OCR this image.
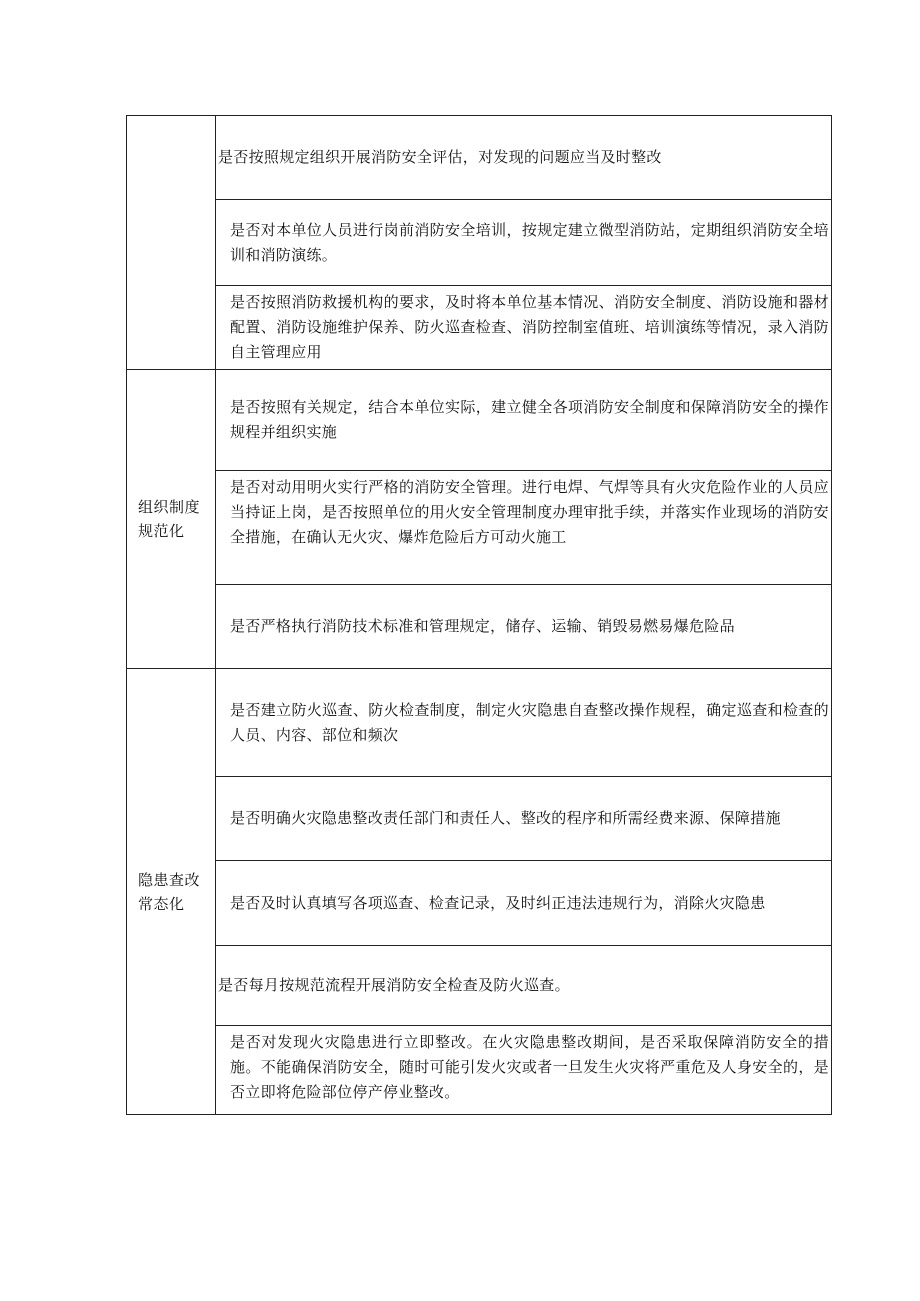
	是否按照规定组织开展消防安全评估，对发现的问题应当及时整改

	是否对本单位人员进行岗前消防安全培训，按规定建立微型消防站，定期组织消防安全培训和消防演练。

	是否按照消防救援机构的要求，及时将本单位基本情况、消防安全制度、消防设施和器材配置、消防设施维护保养、防火巡查检查、消防控制室值班、培训演练等情况，录入消防自主管理应用

组织制度规范化	是否按照有关规定，结合本单位实际，建立健全各项消防安全制度和保障消防安全的操作规程并组织实施

	是否对动用明火实行严格的消防安全管理。进行电焊、气焊等具有火灾危险作业的人员应当持证上岗，是否按照单位的用火安全管理制度办理审批手续，并落实作业现场的消防安全措施，在确认无火灾、爆炸危险后方可动火施工

	是否严格执行消防技术标准和管理规定，储存、运输、销毁易燃易爆危险品

隐患查改常态化	是否建立防火巡查、防火检查制度，制定火灾隐患自查整改操作规程，确定巡查和检查的人员、内容、部位和频次

	是否明确火灾隐患整改责任部门和责任人、整改的程序和所需经费来源、保障措施

	是否及时认真填写各项巡查、检查记录，及时纠正违法违规行为，消除火灾隐患

	是否每月按规范流程开展消防安全检查及防火巡查。

	是否对发现火灾隐患进行立即整改。在火灾隐患整改期间，是否采取保障消防安全的措施。不能确保消防安全，随时可能引发火灾或者一旦发生火灾将严重危及人身安全的，是否立即将危险部位停产停业整改。
